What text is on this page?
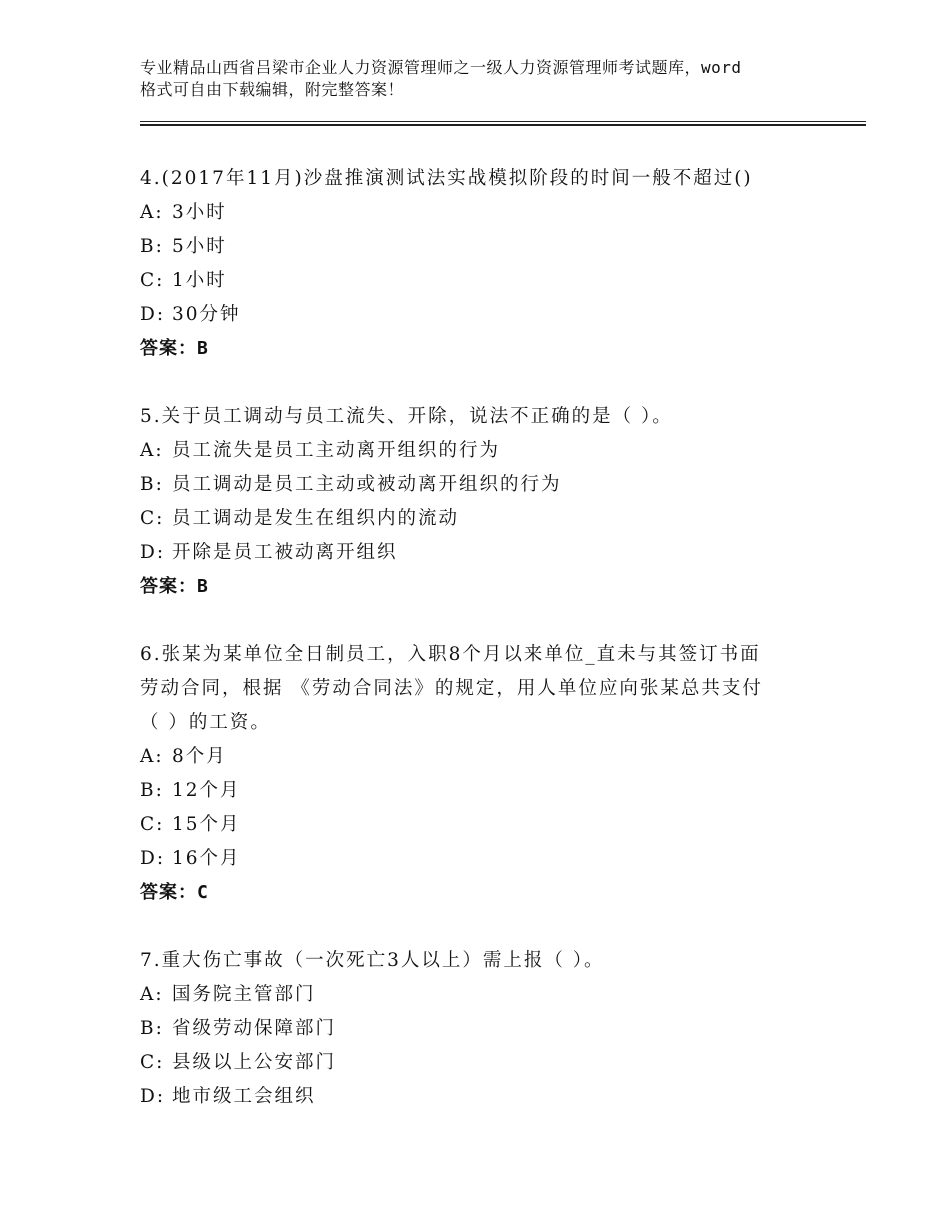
专业精品山西省吕梁市企业人力资源管理师之一级人力资源管理师考试题库，word
格式可自由下载编辑，附完整答案！
4.(2017年11月)沙盘推演测试法实战模拟阶段的时间一般不超过()
A: 3小时
B: 5小时
C: 1小时
D: 30分钟
答案：B
5.关于员工调动与员工流失、开除，说法不正确的是（ ）。
A: 员工流失是员工主动离开组织的行为
B: 员工调动是员工主动或被动离开组织的行为
C: 员工调动是发生在组织内的流动
D: 开除是员工被动离开组织
答案：B
6.张某为某单位全日制员工，入职8个月以来单位_直未与其签订书面
劳动合同，根据 《劳动合同法》的规定，用人单位应向张某总共支付
（ ）的工资。
A: 8个月
B: 12个月
C: 15个月
D: 16个月
答案：C
7.重大伤亡事故（一次死亡3人以上）需上报（ ）。
A: 国务院主管部门
B: 省级劳动保障部门
C: 县级以上公安部门
D: 地市级工会组织
